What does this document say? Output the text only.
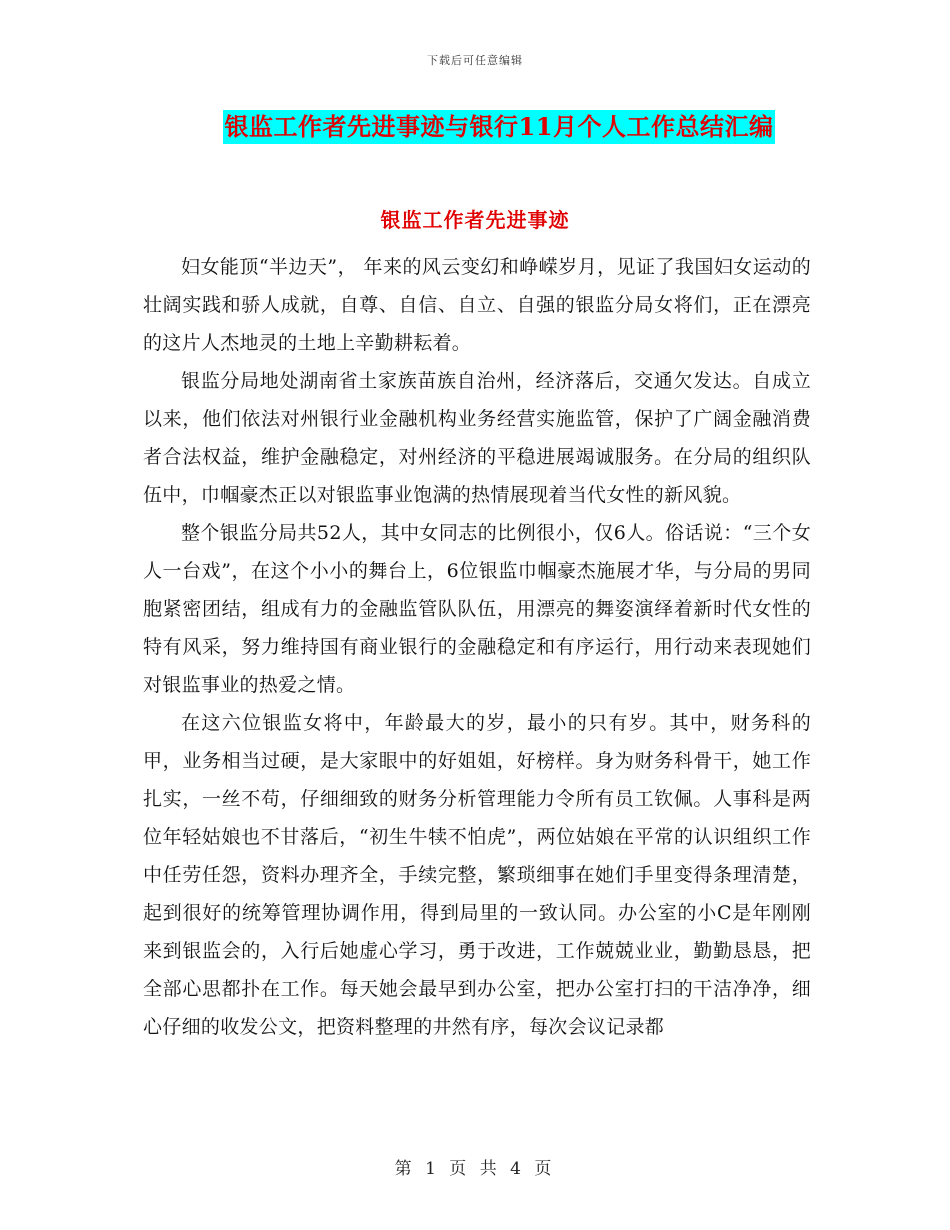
下载后可任意编辑
银监工作者先进事迹与银行11月个人工作总结汇编
银监工作者先进事迹

妇女能顶“半边天”， 年来的风云变幻和峥嵘岁月，见证了我国妇女运动的壮阔实践和骄人成就，自尊、自信、自立、自强的银监分局女将们，正在漂亮的这片人杰地灵的土地上辛勤耕耘着。

银监分局地处湖南省土家族苗族自治州，经济落后，交通欠发达。自成立以来，他们依法对州银行业金融机构业务经营实施监管，保护了广阔金融消费者合法权益，维护金融稳定，对州经济的平稳进展竭诚服务。在分局的组织队伍中，巾帼豪杰正以对银监事业饱满的热情展现着当代女性的新风貌。

整个银监分局共52人，其中女同志的比例很小，仅6人。俗话说：“三个女人一台戏”，在这个小小的舞台上，6位银监巾帼豪杰施展才华，与分局的男同胞紧密团结，组成有力的金融监管队队伍，用漂亮的舞姿演绎着新时代女性的特有风采，努力维持国有商业银行的金融稳定和有序运行，用行动来表现她们对银监事业的热爱之情。

在这六位银监女将中，年龄最大的岁，最小的只有岁。其中，财务科的甲，业务相当过硬，是大家眼中的好姐姐，好榜样。身为财务科骨干，她工作扎实，一丝不苟，仔细细致的财务分析管理能力令所有员工钦佩。人事科是两位年轻姑娘也不甘落后，“初生牛犊不怕虎”，两位姑娘在平常的认识组织工作中任劳任怨，资料办理齐全，手续完整，繁琐细事在她们手里变得条理清楚，起到很好的统筹管理协调作用，得到局里的一致认同。办公室的小C是年刚刚来到银监会的，入行后她虚心学习，勇于改进，工作兢兢业业，勤勤恳恳，把全部心思都扑在工作。每天她会最早到办公室，把办公室打扫的干洁净净，细心仔细的收发公文，把资料整理的井然有序，每次会议记录都

第 1 页 共 4 页
